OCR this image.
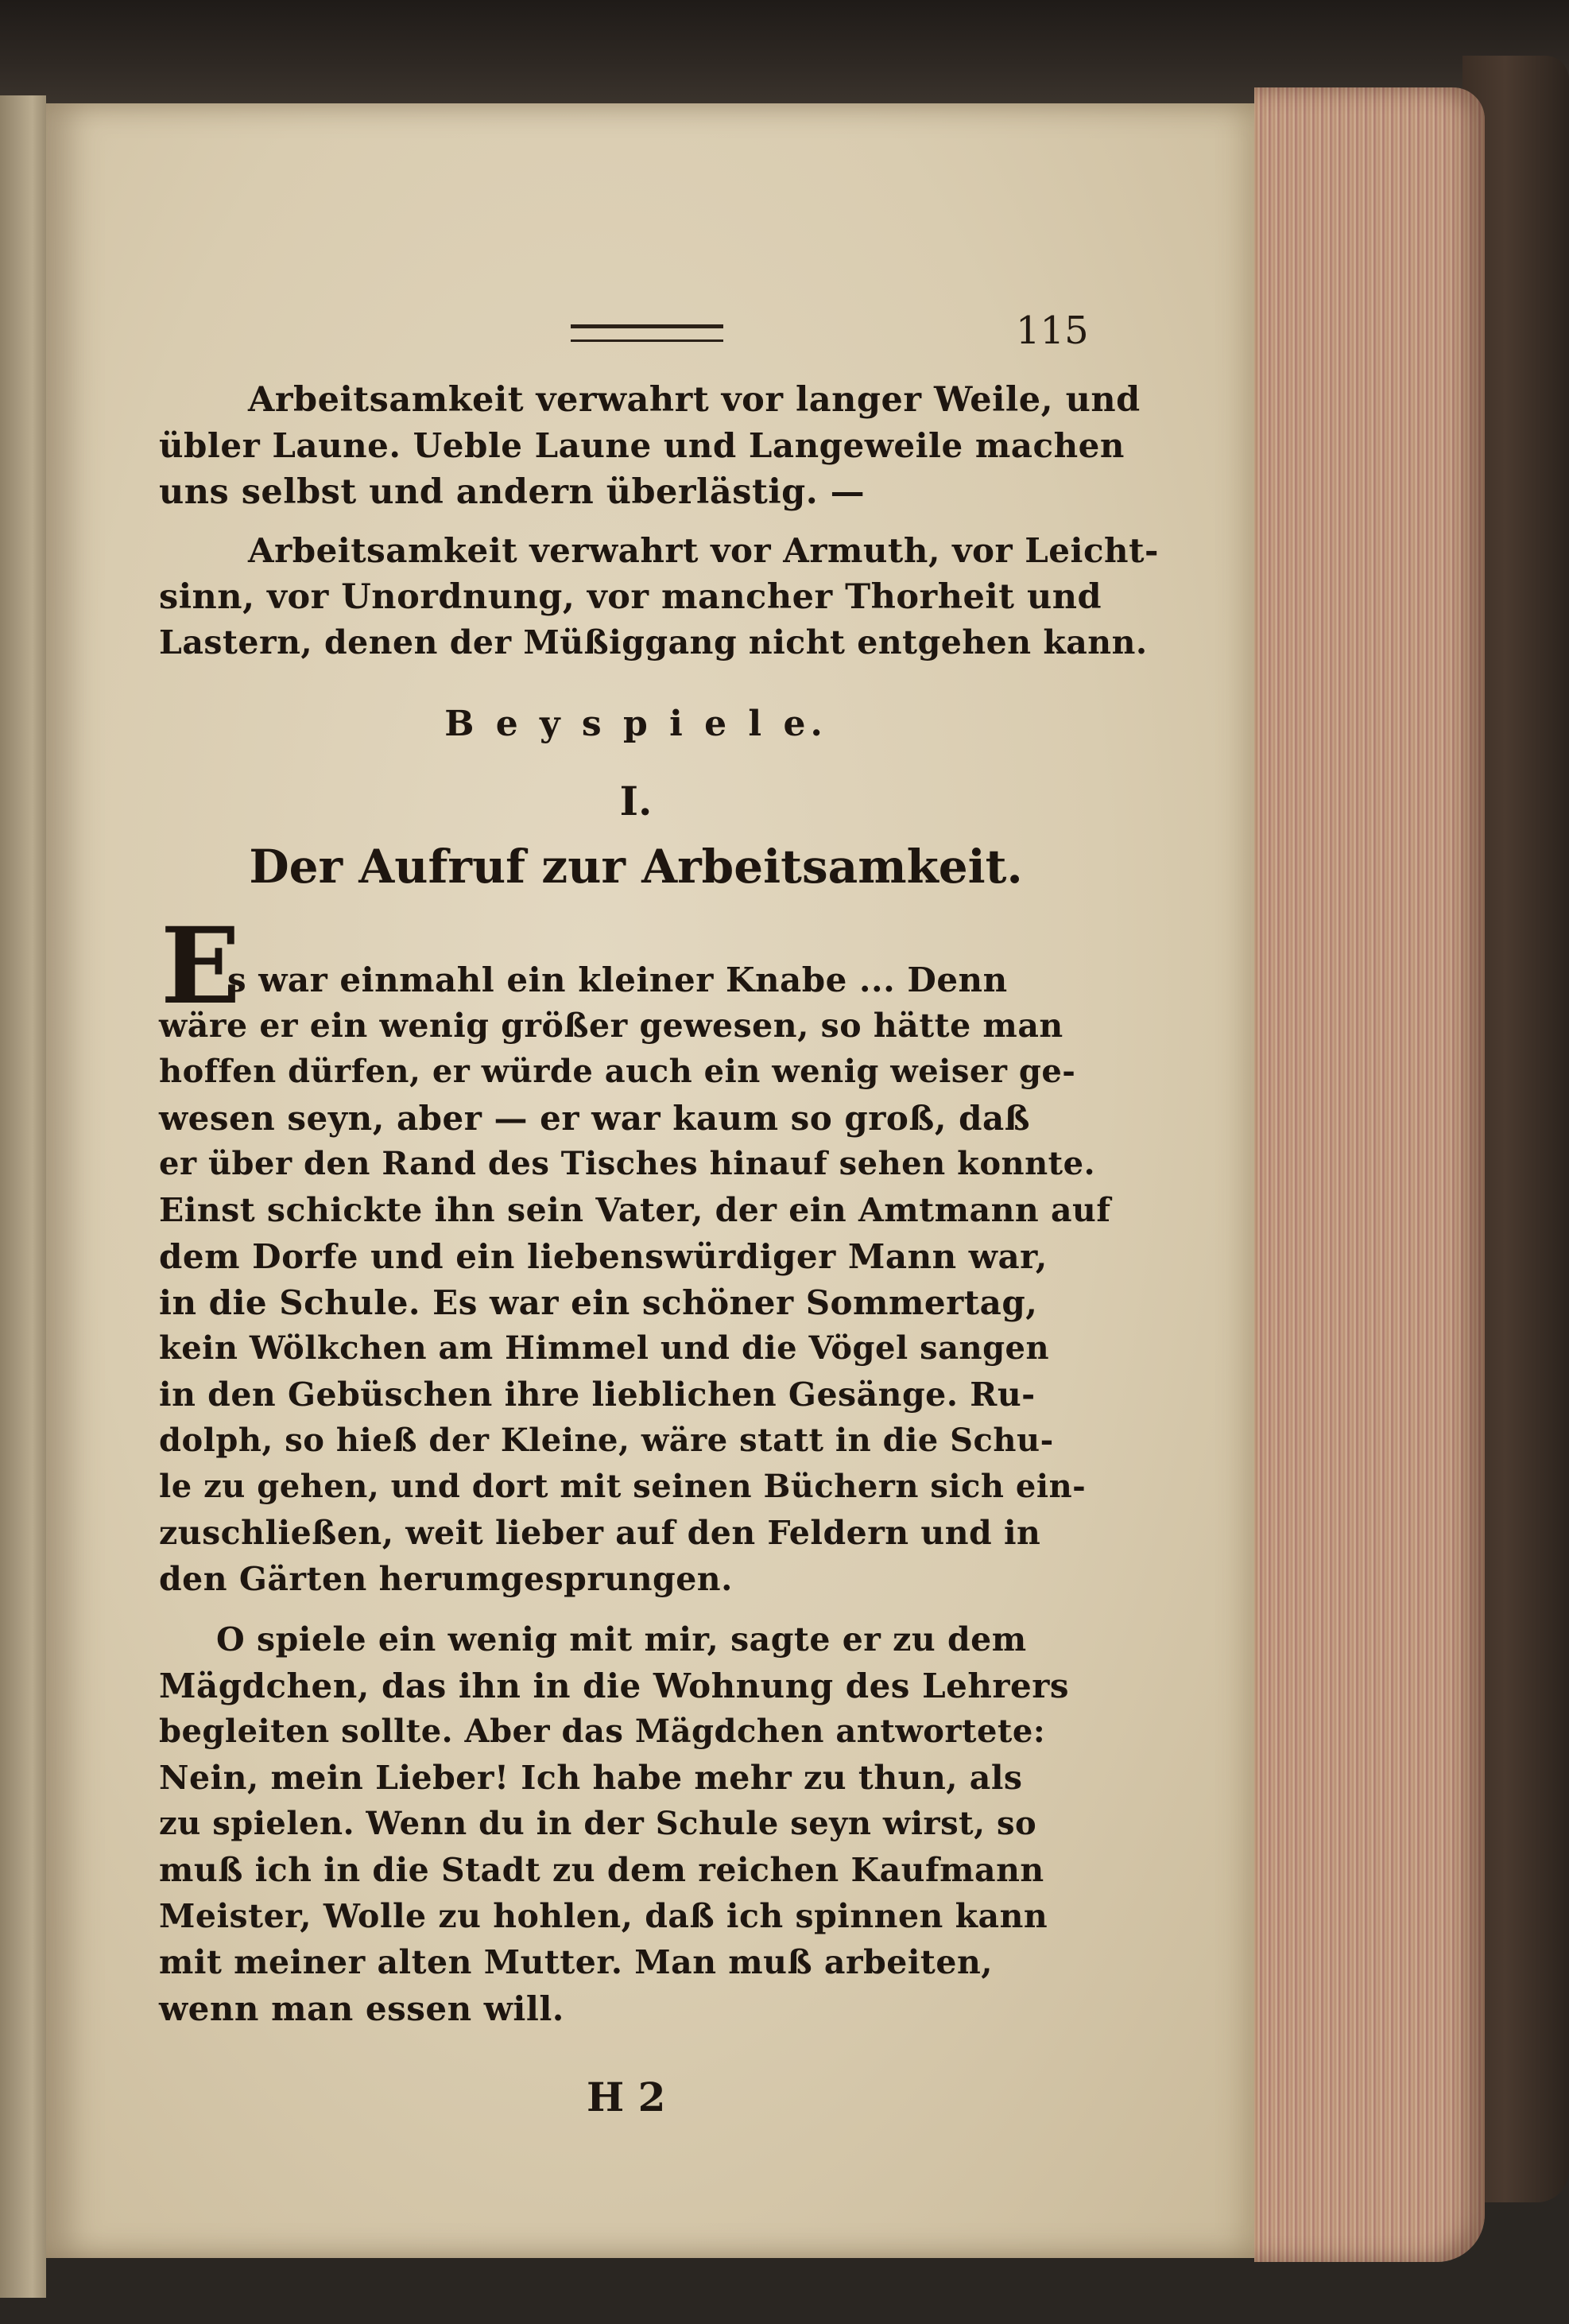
115
Arbeitsamkeit verwahrt vor langer Weile, und
übler Laune. Ueble Laune und Langeweile machen
uns selbst und andern überlästig. —
Arbeitsamkeit verwahrt vor Armuth, vor Leicht-
sinn, vor Unordnung, vor mancher Thorheit und
Lastern, denen der Müßiggang nicht entgehen kann.
B e y s p i e l e.
I.
Der Aufruf zur Arbeitsamkeit.
E
s war einmahl ein kleiner Knabe ... Denn
wäre er ein wenig größer gewesen, so hätte man
hoffen dürfen, er würde auch ein wenig weiser ge-
wesen seyn, aber — er war kaum so groß, daß
er über den Rand des Tisches hinauf sehen konnte.
Einst schickte ihn sein Vater, der ein Amtmann auf
dem Dorfe und ein liebenswürdiger Mann war,
in die Schule. Es war ein schöner Sommertag,
kein Wölkchen am Himmel und die Vögel sangen
in den Gebüschen ihre lieblichen Gesänge. Ru-
dolph, so hieß der Kleine, wäre statt in die Schu-
le zu gehen, und dort mit seinen Büchern sich ein-
zuschließen, weit lieber auf den Feldern und in
den Gärten herumgesprungen.
O spiele ein wenig mit mir, sagte er zu dem
Mägdchen, das ihn in die Wohnung des Lehrers
begleiten sollte. Aber das Mägdchen antwortete:
Nein, mein Lieber! Ich habe mehr zu thun, als
zu spielen. Wenn du in der Schule seyn wirst, so
muß ich in die Stadt zu dem reichen Kaufmann
Meister, Wolle zu hohlen, daß ich spinnen kann
mit meiner alten Mutter. Man muß arbeiten,
wenn man essen will.
H 2
